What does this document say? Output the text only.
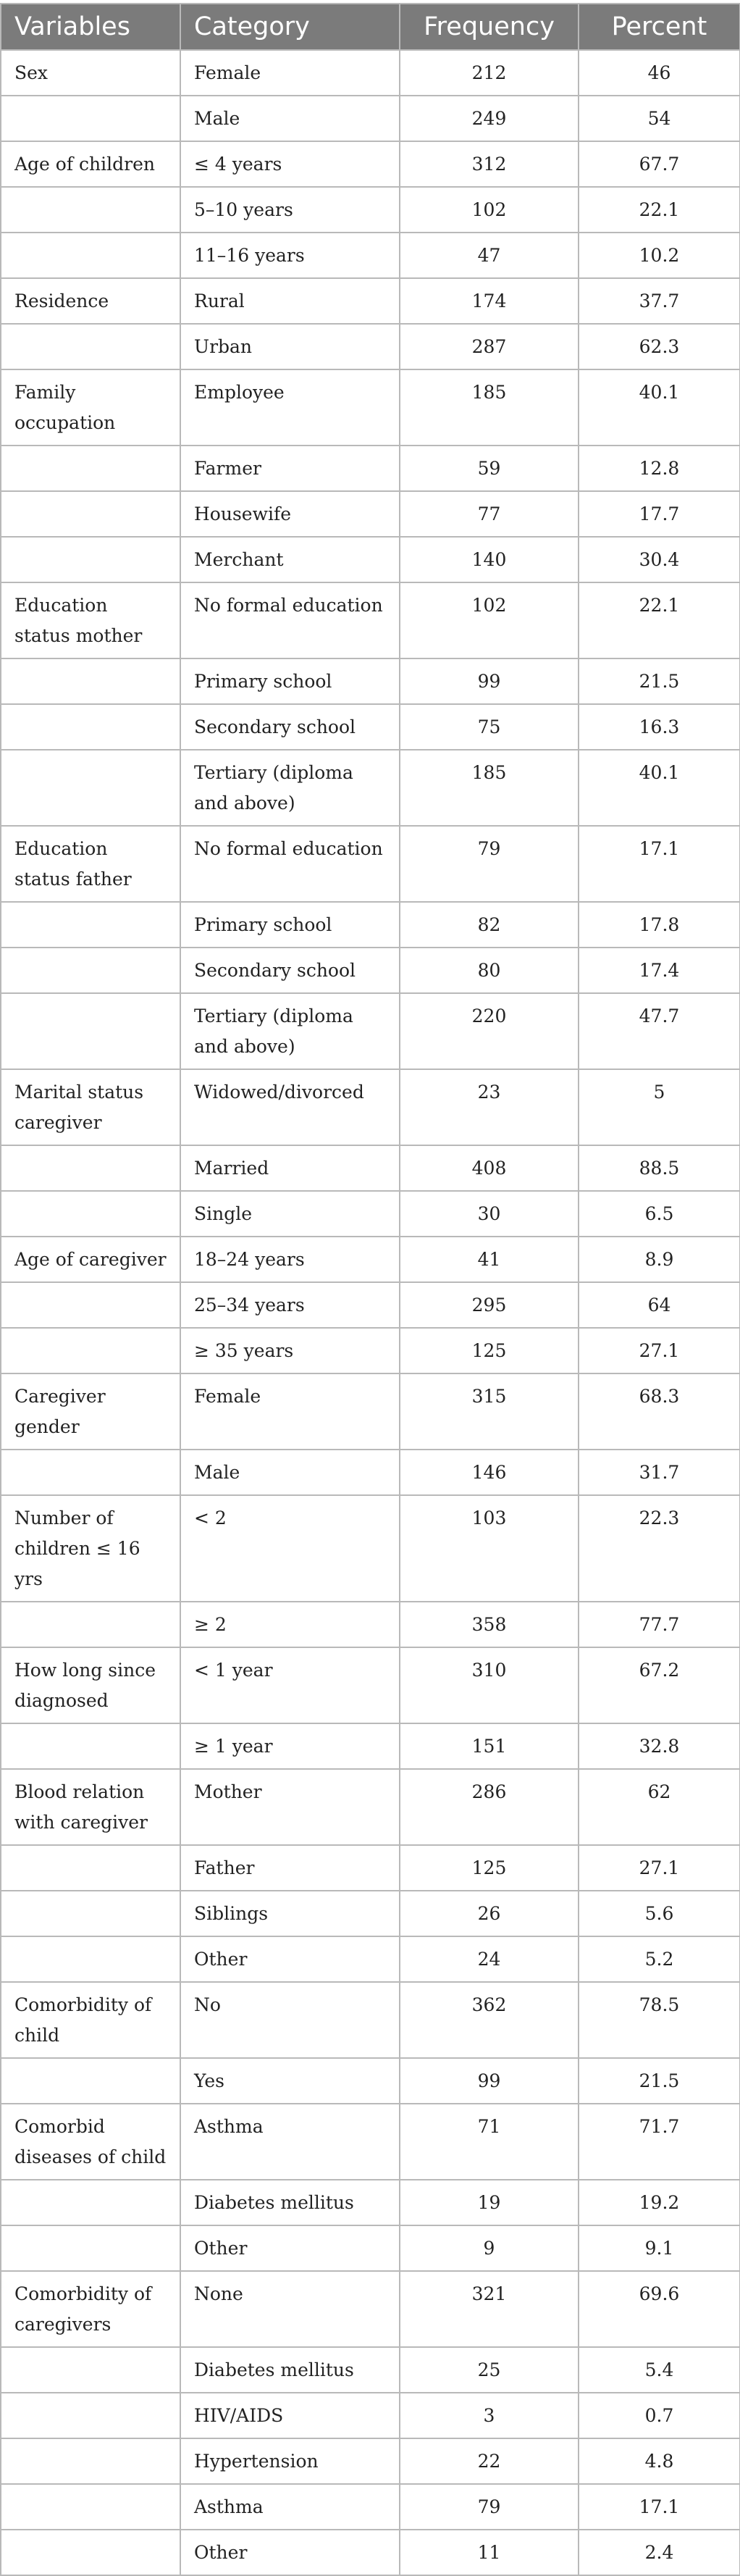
Variables	Category	Frequency	Percent
Sex	Female	212	46
	Male	249	54
Age of children	≤ 4 years	312	67.7
	5–10 years	102	22.1
	11–16 years	47	10.2
Residence	Rural	174	37.7
	Urban	287	62.3
Family occupation	Employee	185	40.1
	Farmer	59	12.8
	Housewife	77	17.7
	Merchant	140	30.4
Education status mother	No formal education	102	22.1
	Primary school	99	21.5
	Secondary school	75	16.3
	Tertiary (diploma and above)	185	40.1
Education status father	No formal education	79	17.1
	Primary school	82	17.8
	Secondary school	80	17.4
	Tertiary (diploma and above)	220	47.7
Marital status caregiver	Widowed/divorced	23	5
	Married	408	88.5
	Single	30	6.5
Age of caregiver	18–24 years	41	8.9
	25–34 years	295	64
	≥ 35 years	125	27.1
Caregiver gender	Female	315	68.3
	Male	146	31.7
Number of children ≤ 16 yrs	< 2	103	22.3
	≥ 2	358	77.7
How long since diagnosed	< 1 year	310	67.2
	≥ 1 year	151	32.8
Blood relation with caregiver	Mother	286	62
	Father	125	27.1
	Siblings	26	5.6
	Other	24	5.2
Comorbidity of child	No	362	78.5
	Yes	99	21.5
Comorbid diseases of child	Asthma	71	71.7
	Diabetes mellitus	19	19.2
	Other	9	9.1
Comorbidity of caregivers	None	321	69.6
	Diabetes mellitus	25	5.4
	HIV/AIDS	3	0.7
	Hypertension	22	4.8
	Asthma	79	17.1
	Other	11	2.4
